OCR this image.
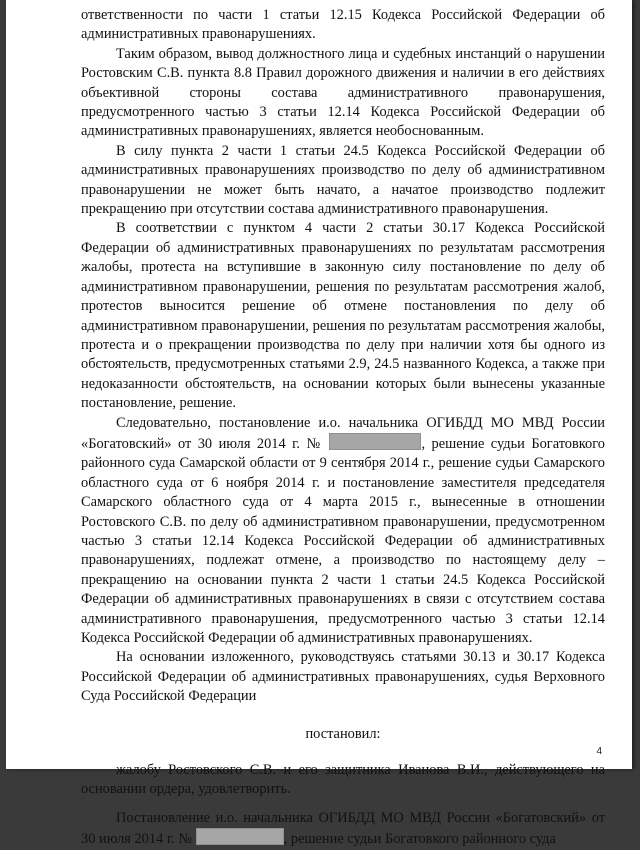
ответственности по части 1 статьи 12.15 Кодекса Российской Федерации об административных правонарушениях.

Таким образом, вывод должностного лица и судебных инстанций о нарушении Ростовским С.В. пункта 8.8 Правил дорожного движения и наличии в его действиях объективной стороны состава административного правонарушения, предусмотренного частью 3 статьи 12.14 Кодекса Российской Федерации об административных правонарушениях, является необоснованным.

В силу пункта 2 части 1 статьи 24.5 Кодекса Российской Федерации об административных правонарушениях производство по делу об административном правонарушении не может быть начато, а начатое производство подлежит прекращению при отсутствии состава административного правонарушения.

В соответствии с пунктом 4 части 2 статьи 30.17 Кодекса Российской Федерации об административных правонарушениях по результатам рассмотрения жалобы, протеста на вступившие в законную силу постановление по делу об административном правонарушении, решения по результатам рассмотрения жалоб, протестов выносится решение об отмене постановления по делу об административном правонарушении, решения по результатам рассмотрения жалобы, протеста и о прекращении производства по делу при наличии хотя бы одного из обстоятельств, предусмотренных статьями 2.9, 24.5 названного Кодекса, а также при недоказанности обстоятельств, на основании которых были вынесены указанные постановление, решение.

Следовательно, постановление и.о. начальника ОГИБДД МО МВД России «Богатовский» от 30 июля 2014 г. №	, решение судьи Богатовкого районного суда Самарской области от 9 сентября 2014 г., решение судьи Самарского областного суда от 6 ноября 2014 г. и постановление заместителя председателя Самарского областного суда от 4 марта 2015 г., вынесенные в отношении Ростовского С.В. по делу об административном правонарушении, предусмотренном частью 3 статьи 12.14 Кодекса Российской Федерации об административных правонарушениях, подлежат отмене, а производство по настоящему делу – прекращению на основании пункта 2 части 1 статьи 24.5 Кодекса Российской Федерации об административных правонарушениях в связи с отсутствием состава административного правонарушения, предусмотренного частью 3 статьи 12.14 Кодекса Российской Федерации об административных правонарушениях.

На основании изложенного, руководствуясь статьями 30.13 и 30.17 Кодекса Российской Федерации об административных правонарушениях, судья Верховного Суда Российской Федерации

постановил:

жалобу Ростовского С.В. и его защитника Иванова В.И., действующего на основании ордера, удовлетворить.

Постановление и.о. начальника ОГИБДД МО МВД России «Богатовский» от 30 июля 2014 г. №	, решение судьи Богатовкого районного суда

4
